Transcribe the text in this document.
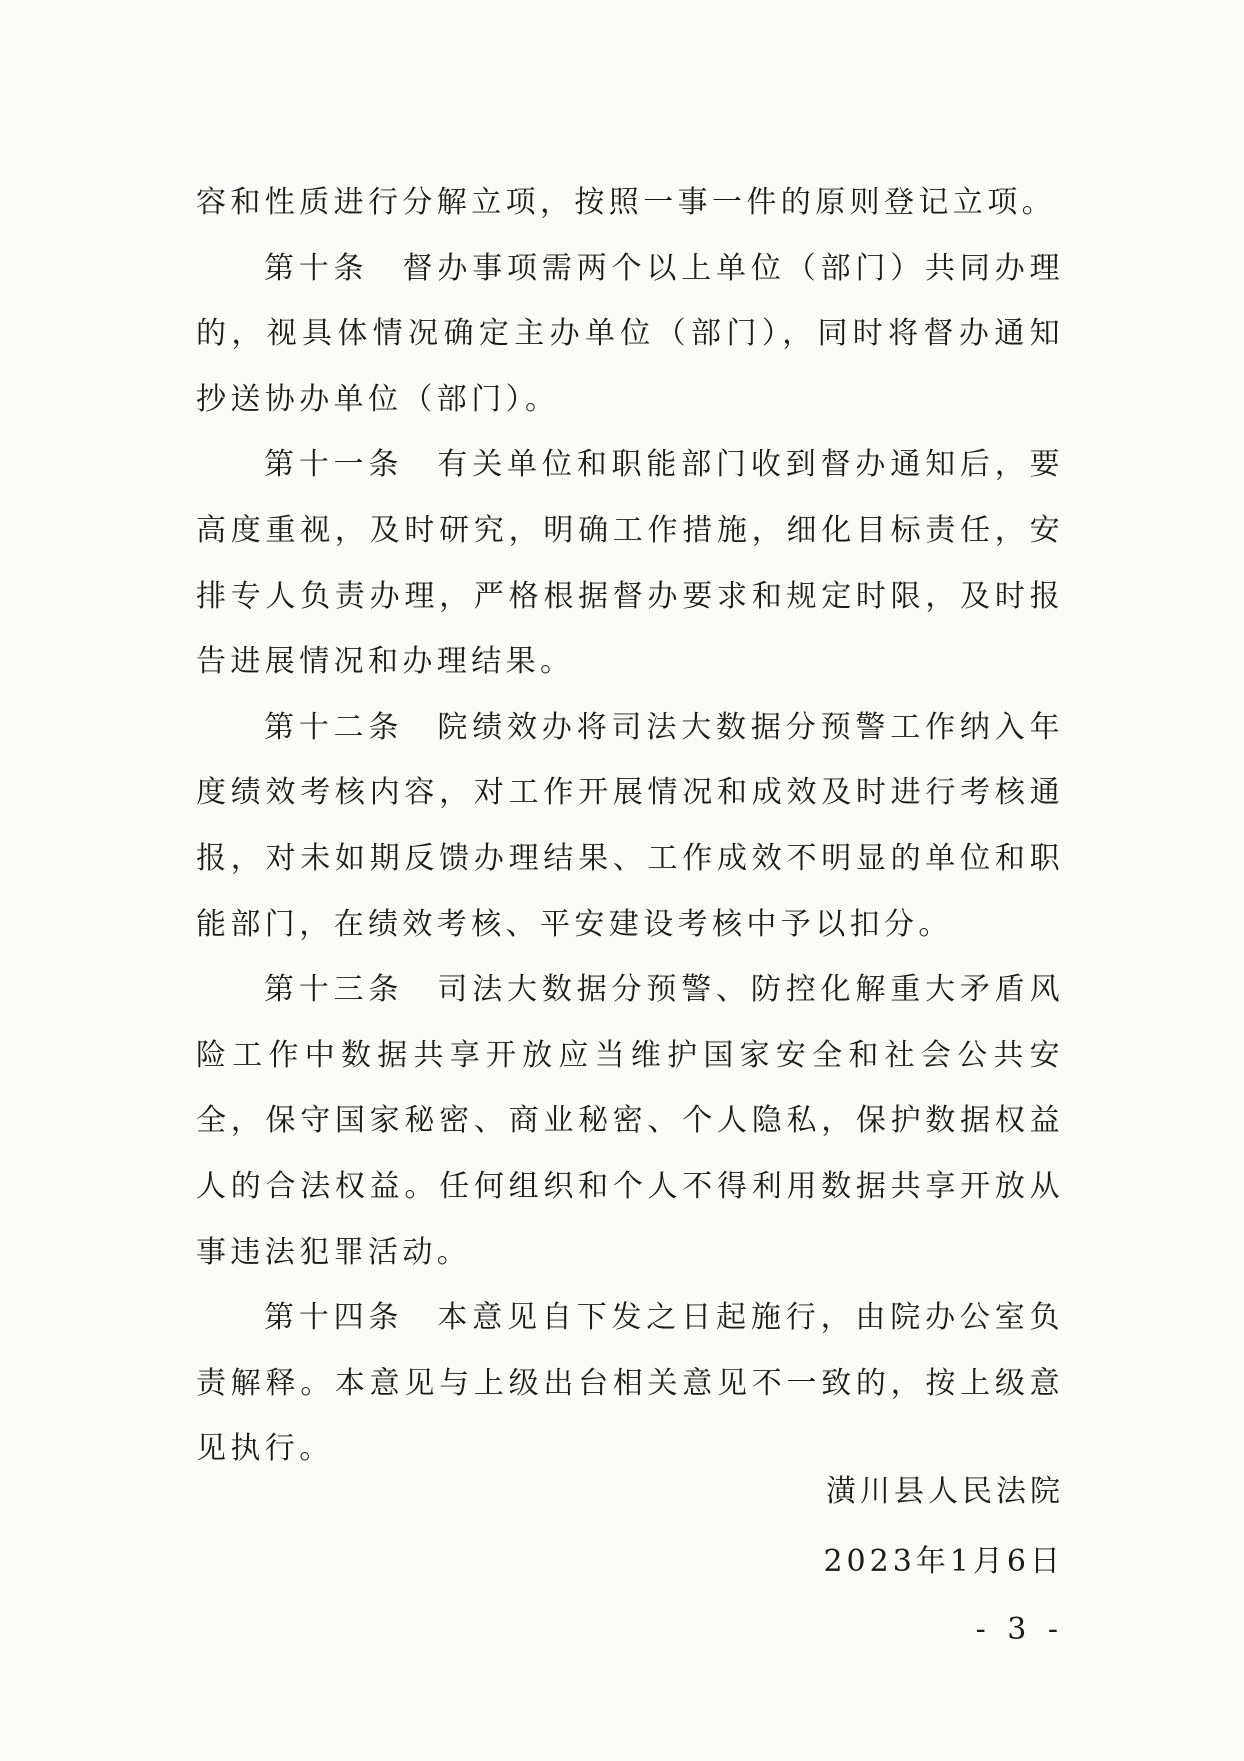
容和性质进行分解立项，按照一事一件的原则登记立项。

第十条 督办事项需两个以上单位（部门）共同办理的，视具体情况确定主办单位（部门），同时将督办通知抄送协办单位（部门）。

第十一条 有关单位和职能部门收到督办通知后，要高度重视，及时研究，明确工作措施，细化目标责任，安排专人负责办理，严格根据督办要求和规定时限，及时报告进展情况和办理结果。

第十二条 院绩效办将司法大数据分预警工作纳入年度绩效考核内容，对工作开展情况和成效及时进行考核通报，对未如期反馈办理结果、工作成效不明显的单位和职能部门，在绩效考核、平安建设考核中予以扣分。

第十三条 司法大数据分预警、防控化解重大矛盾风险工作中数据共享开放应当维护国家安全和社会公共安全，保守国家秘密、商业秘密、个人隐私，保护数据权益人的合法权益。任何组织和个人不得利用数据共享开放从事违法犯罪活动。

第十四条 本意见自下发之日起施行，由院办公室负责解释。本意见与上级出台相关意见不一致的，按上级意见执行。

潢川县人民法院
2023年1月6日
- 3 -
